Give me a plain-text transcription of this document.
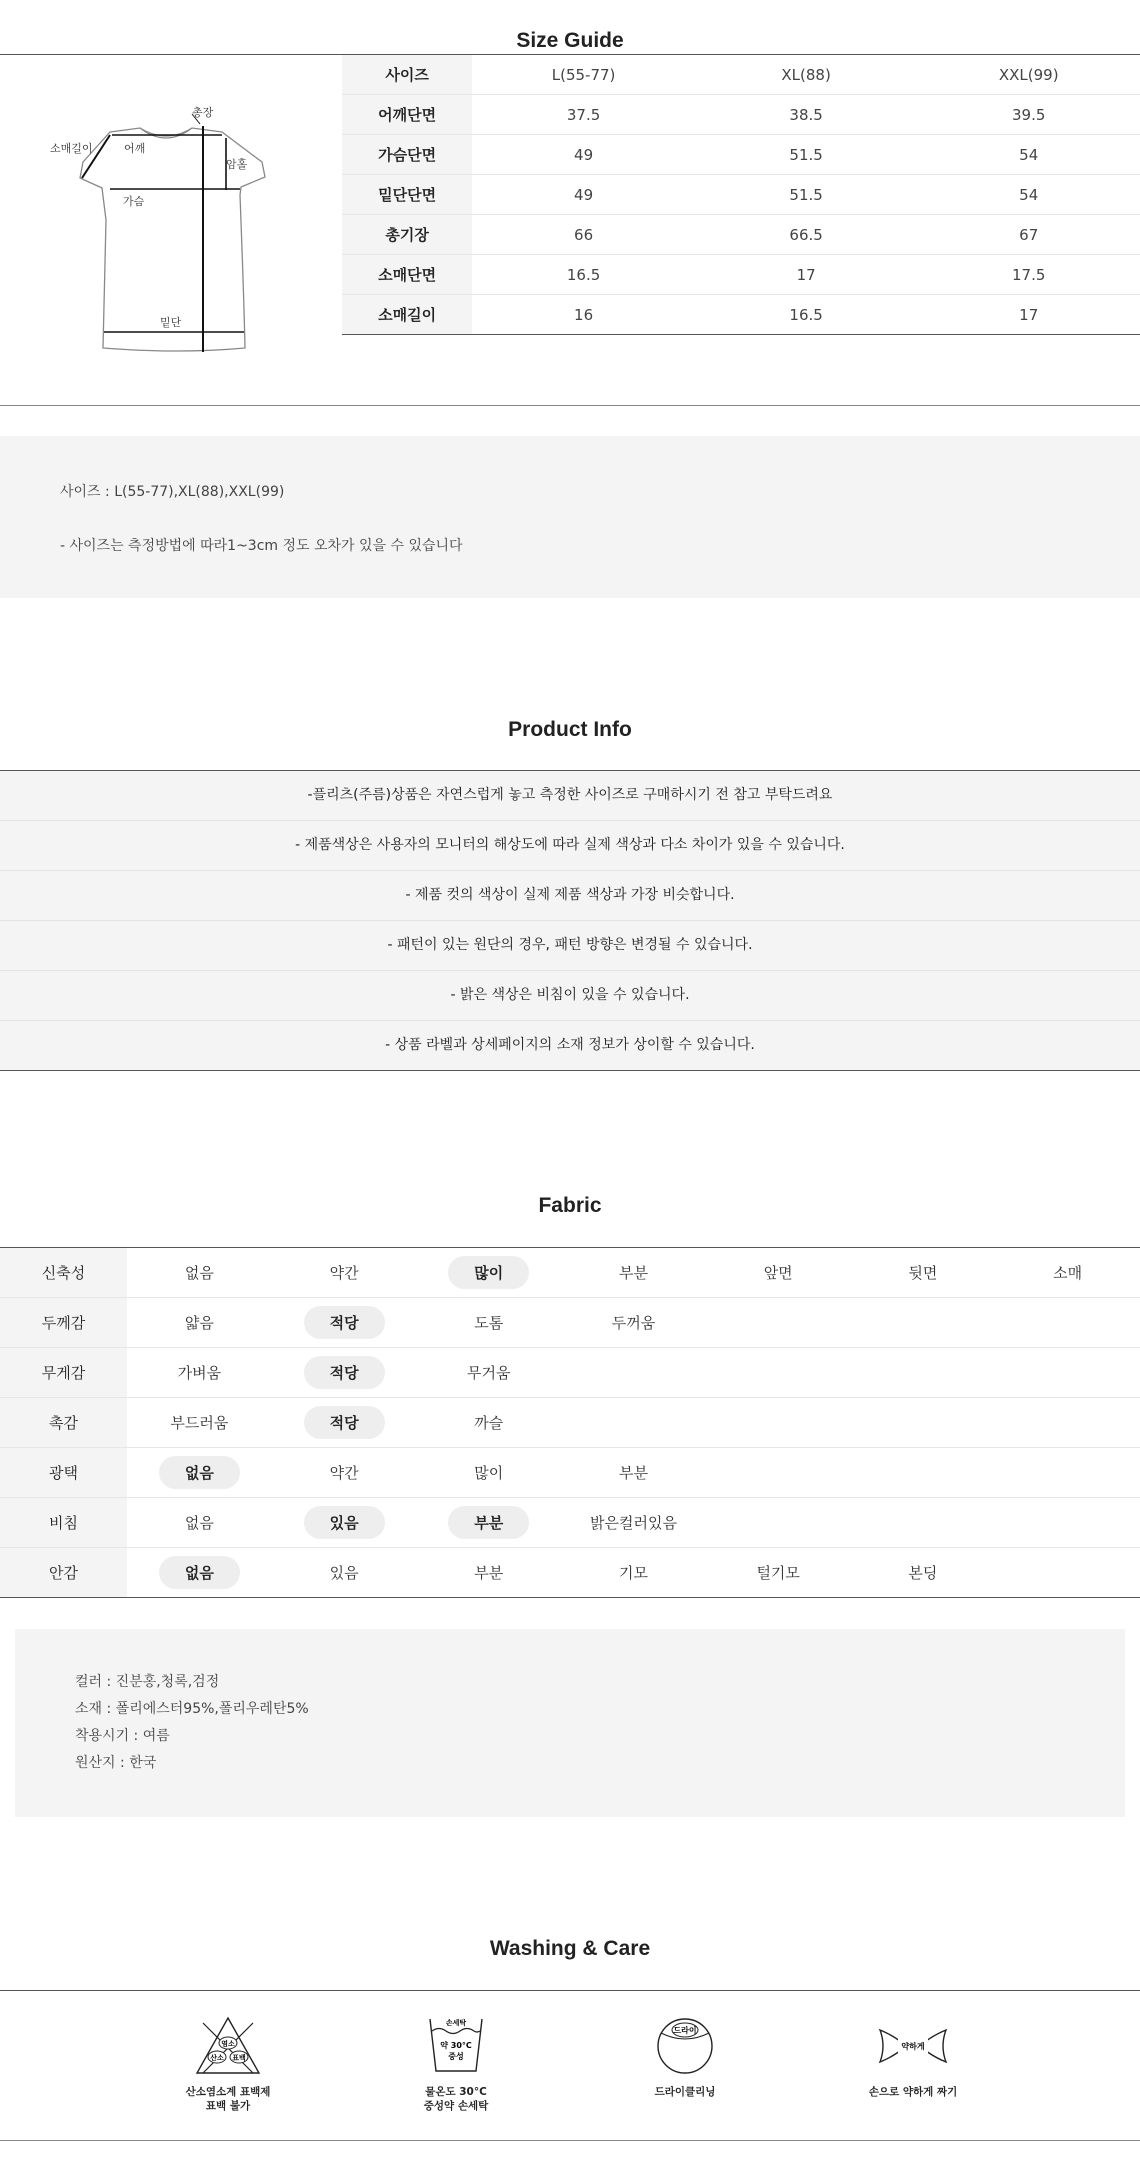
Size Guide
총장
소매길이	어깨
암홀
가슴
밑단
사이즈	L(55-77)	XL(88)	XXL(99)
어깨단면	37.5	38.5	39.5
가슴단면	49	51.5	54
밑단단면	49	51.5	54
총기장	66	66.5	67
소매단면	16.5	17	17.5
소매길이	16	16.5	17
사이즈 : L(55-77),XL(88),XXL(99)
- 사이즈는 측정방법에 따라1~3cm 정도 오차가 있을 수 있습니다
Product Info
-플리츠(주름)상품은 자연스럽게 놓고 측정한 사이즈로 구매하시기 전 참고 부탁드려요
- 제품색상은 사용자의 모니터의 해상도에 따라 실제 색상과 다소 차이가 있을 수 있습니다.
- 제품 컷의 색상이 실제 제품 색상과 가장 비슷합니다.
- 패턴이 있는 원단의 경우, 패턴 방향은 변경될 수 있습니다.
- 밝은 색상은 비침이 있을 수 있습니다.
- 상품 라벨과 상세페이지의 소재 정보가 상이할 수 있습니다.
Fabric
신축성	없음	약간	많이	부분	앞면	뒷면	소매
두께감	얇음	적당	도톰	두꺼움			
무게감	가벼움	적당	무거움				
촉감	부드러움	적당	까슬				
광택	없음	약간	많이	부분			
비침	없음	있음	부분	밝은컬러있음			
안감	없음	있음	부분	기모	털기모	본딩	
컬러 : 진분홍,청록,검정
소재 : 폴리에스터95%,폴리우레탄5%
착용시기 : 여름
원산지 : 한국
Washing & Care
염소
산소 표백
산소염소계 표백제
표백 불가
손세탁
약 30°C
중성
물온도 30°C
중성약 손세탁
드라이
드라이클리닝
약하게
손으로 약하게 짜기
